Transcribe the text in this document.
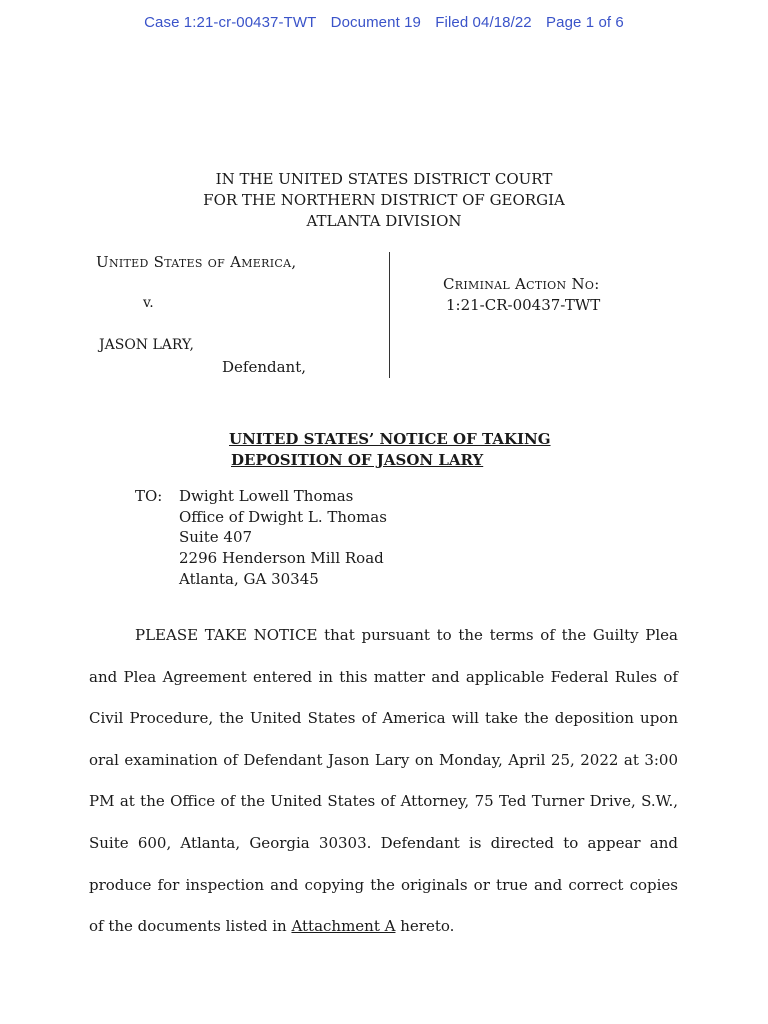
Case 1:21-cr-00437-TWT Document 19 Filed 04/18/22 Page 1 of 6
IN THE UNITED STATES DISTRICT COURT
FOR THE NORTHERN DISTRICT OF GEORGIA
ATLANTA DIVISION
United States of America,
v.
JASON LARY,
Defendant,
Criminal Action No:
1:21-CR-00437-TWT
UNITED STATES’ NOTICE OF TAKING
DEPOSITION OF JASON LARY
TO: Dwight Lowell Thomas
Office of Dwight L. Thomas
Suite 407
2296 Henderson Mill Road
Atlanta, GA 30345

PLEASE TAKE NOTICE that pursuant to the terms of the Guilty Plea and Plea Agreement entered in this matter and applicable Federal Rules of Civil Procedure, the United States of America will take the deposition upon oral examination of Defendant Jason Lary on Monday, April 25, 2022 at 3:00 PM at the Office of the United States of Attorney, 75 Ted Turner Drive, S.W., Suite 600, Atlanta, Georgia 30303. Defendant is directed to appear and produce for inspection and copying the originals or true and correct copies of the documents listed in Attachment A hereto.
